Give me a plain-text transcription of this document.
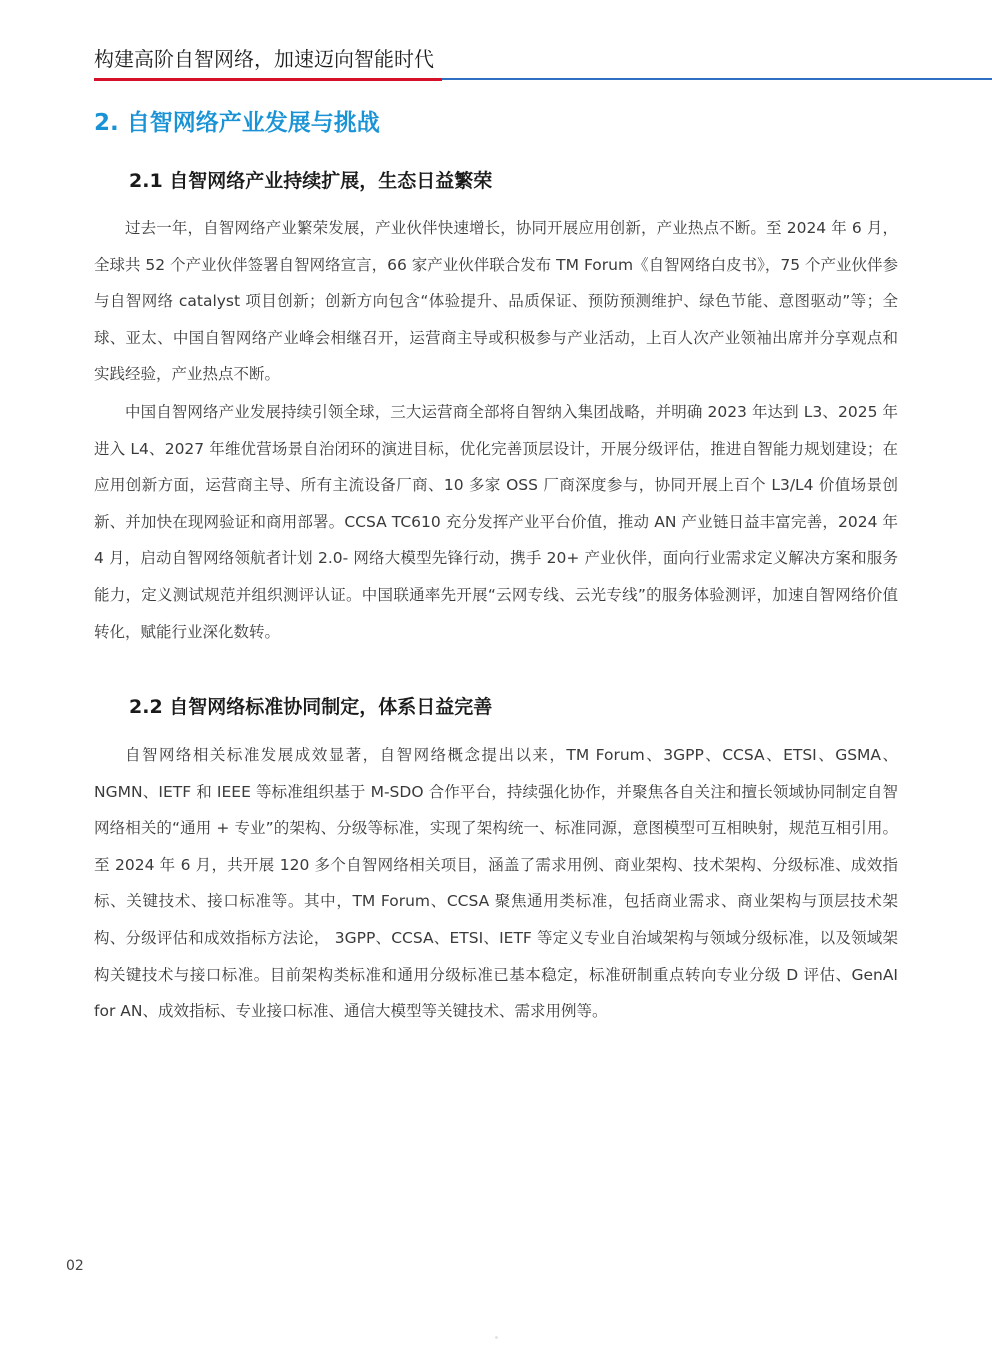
构建高阶自智网络，加速迈向智能时代
2. 自智网络产业发展与挑战
2.1 自智网络产业持续扩展，生态日益繁荣

过去一年，自智网络产业繁荣发展，产业伙伴快速增长，协同开展应用创新，产业热点不断。至 2024 年 6 月，全球共 52 个产业伙伴签署自智网络宣言，66 家产业伙伴联合发布 TM Forum《自智网络白皮书》，75 个产业伙伴参与自智网络 catalyst 项目创新；创新方向包含“体验提升、品质保证、预防预测维护、绿色节能、意图驱动”等；全球、亚太、中国自智网络产业峰会相继召开，运营商主导或积极参与产业活动，上百人次产业领袖出席并分享观点和实践经验，产业热点不断。

中国自智网络产业发展持续引领全球，三大运营商全部将自智纳入集团战略，并明确 2023 年达到 L3、2025 年进入 L4、2027 年维优营场景自治闭环的演进目标，优化完善顶层设计，开展分级评估，推进自智能力规划建设；在应用创新方面，运营商主导、所有主流设备厂商、10 多家 OSS 厂商深度参与，协同开展上百个 L3/L4 价值场景创新、并加快在现网验证和商用部署。CCSA TC610 充分发挥产业平台价值，推动 AN 产业链日益丰富完善，2024 年 4 月，启动自智网络领航者计划 2.0- 网络大模型先锋行动，携手 20+ 产业伙伴，面向行业需求定义解决方案和服务能力，定义测试规范并组织测评认证。中国联通率先开展“云网专线、云光专线”的服务体验测评，加速自智网络价值转化，赋能行业深化数转。

2.2 自智网络标准协同制定，体系日益完善

自智网络相关标准发展成效显著，自智网络概念提出以来，TM Forum、3GPP、CCSA、ETSI、GSMA、NGMN、IETF 和 IEEE 等标准组织基于 M-SDO 合作平台，持续强化协作，并聚焦各自关注和擅长领域协同制定自智网络相关的“通用 + 专业”的架构、分级等标准，实现了架构统一、标准同源，意图模型可互相映射，规范互相引用。至 2024 年 6 月，共开展 120 多个自智网络相关项目，涵盖了需求用例、商业架构、技术架构、分级标准、成效指标、关键技术、接口标准等。其中，TM Forum、CCSA 聚焦通用类标准，包括商业需求、商业架构与顶层技术架构、分级评估和成效指标方法论， 3GPP、CCSA、ETSI、IETF 等定义专业自治域架构与领域分级标准，以及领域架构关键技术与接口标准。目前架构类标准和通用分级标准已基本稳定，标准研制重点转向专业分级 D 评估、GenAI for AN、成效指标、专业接口标准、通信大模型等关键技术、需求用例等。

02
